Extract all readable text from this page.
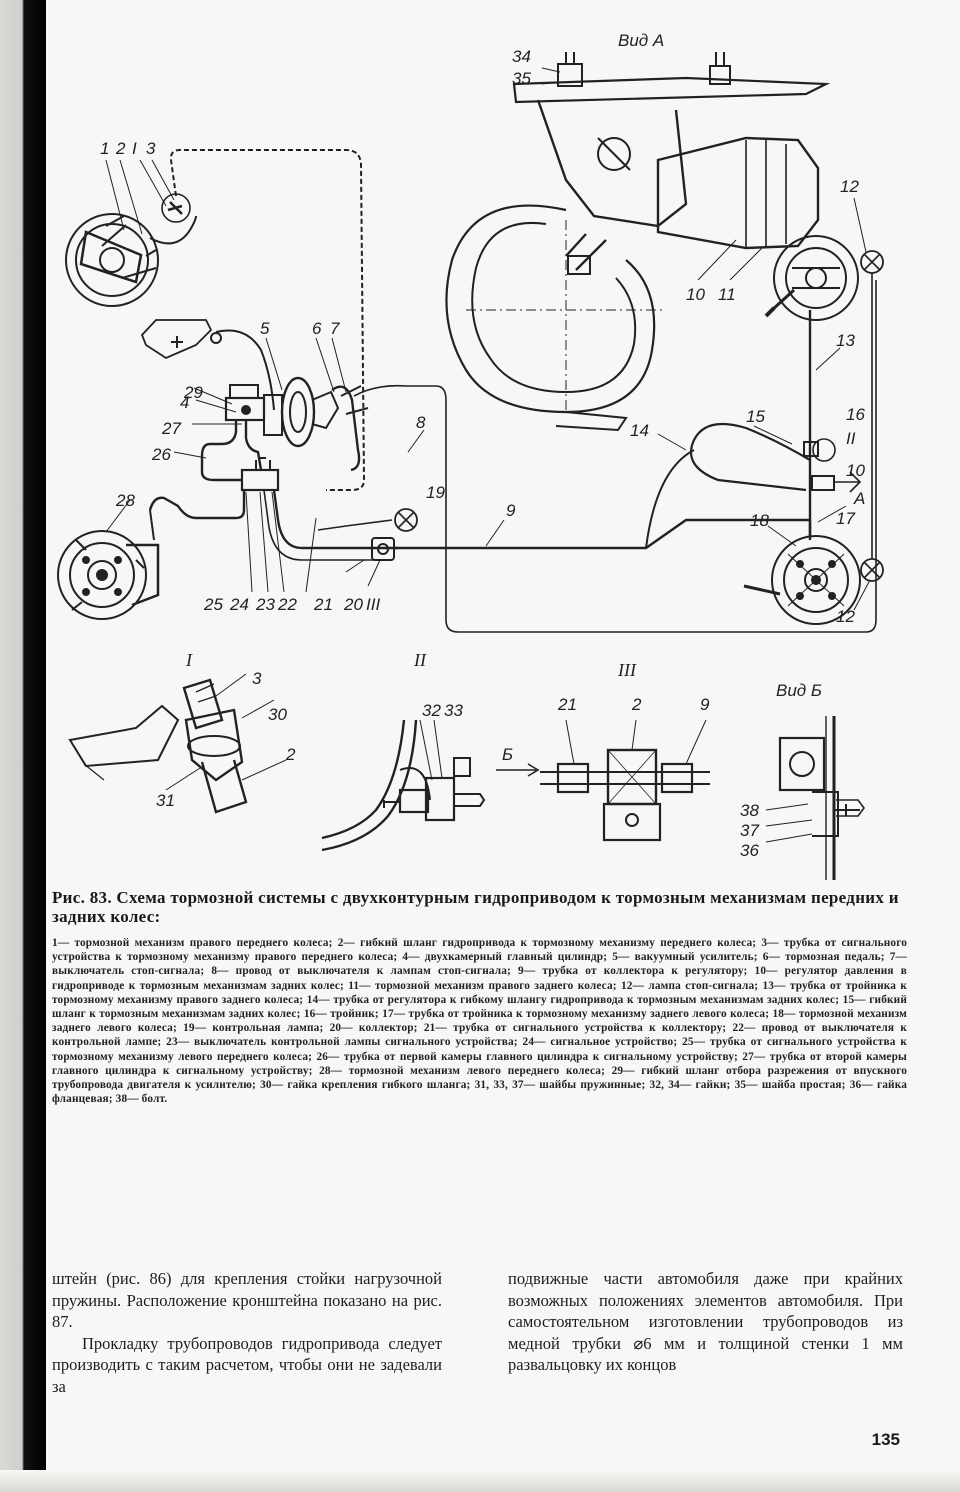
Вид А
Вид Б
I	II	III
1 2 I 3
5	6 7
29
4
27
26
28
8
19
9
25 24 23 22 21 20 III
34
35
10 11
12
13
14
15	16
II
10
А
17
18
12
3
30
2
31
32 33
Б
21	2	9
38
37
36
Рис. 83. Схема тормозной системы с двухконтурным гидроприводом к тормозным механизмам передних и задних колес:
1— тормозной механизм правого переднего колеса; 2— гибкий шланг гидропривода к тормозному механизму переднего колеса; 3— трубка от сигнального устройства к тормозному механизму правого переднего колеса; 4— двухкамерный главный цилиндр; 5— вакуумный усилитель; 6— тормозная педаль; 7— выключатель стоп-сигнала; 8— провод от выключателя к лампам стоп-сигнала; 9— трубка от коллектора к регулятору; 10— регулятор давления в гидроприводе к тормозным механизмам задних колес; 11— тормозной механизм правого заднего колеса; 12— лампа стоп-сигнала; 13— трубка от тройника к тормозному механизму правого заднего колеса; 14— трубка от регулятора к гибкому шлангу гидропривода к тормозным механизмам задних колес; 15— гибкий шланг к тормозным механизмам задних колес; 16— тройник; 17— трубка от тройника к тормозному механизму заднего левого колеса; 18— тормозной механизм заднего левого колеса; 19— контрольная лампа; 20— коллектор; 21— трубка от сигнального устройства к коллектору; 22— провод от выключателя к контрольной лампе; 23— выключатель контрольной лампы сигнального устройства; 24— сигнальное устройство; 25— трубка от сигнального устройства к тормозному механизму левого переднего колеса; 26— трубка от первой камеры главного цилиндра к сигнальному устройству; 27— трубка от второй камеры главного цилиндра к сигнальному устройству; 28— тормозной механизм левого переднего колеса; 29— гибкий шланг отбора разрежения от впускного трубопровода двигателя к усилителю; 30— гайка крепления гибкого шланга; 31, 33, 37— шайбы пружинные; 32, 34— гайки; 35— шайба простая; 36— гайка фланцевая; 38— болт.

штейн (рис. 86) для крепления стойки нагрузочной пружины. Расположение кронштейна показано на рис. 87.

Прокладку трубопроводов гидропривода следует производить с таким расчетом, чтобы они не задевали за

подвижные части автомобиля даже при крайних возможных положениях элементов автомобиля. При самостоятельном изготовлении трубопроводов из медной трубки ⌀6 мм и толщиной стенки 1 мм развальцовку их концов

135
